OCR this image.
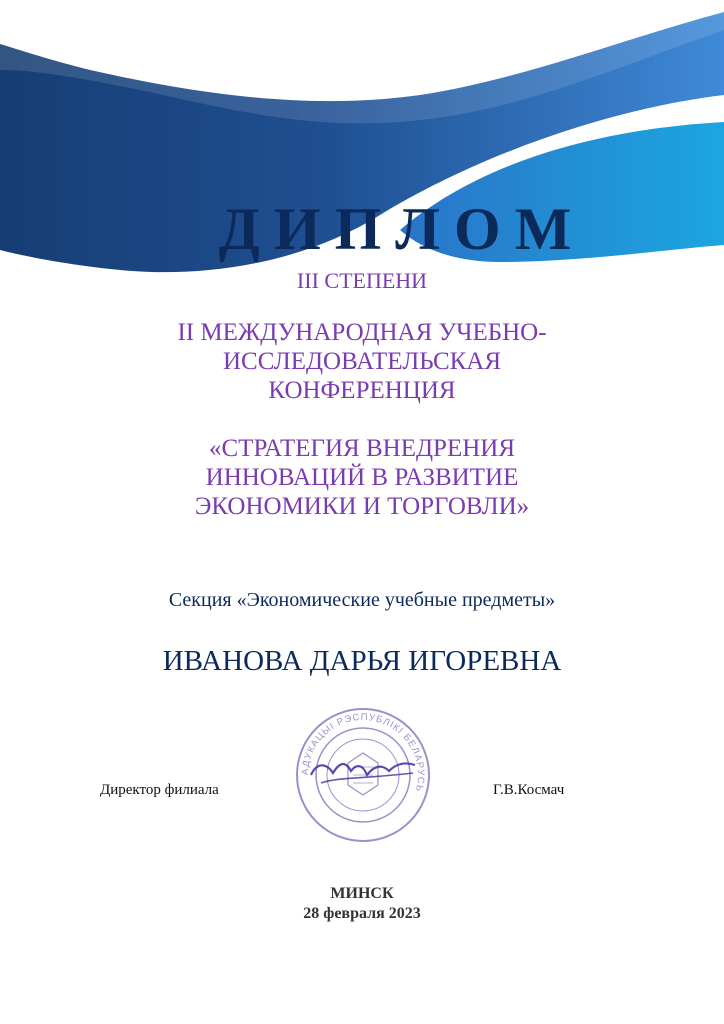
ДИПЛОМ
III СТЕПЕНИ
II МЕЖДУНАРОДНАЯ УЧЕБНО-
ИССЛЕДОВАТЕЛЬСКАЯ
КОНФЕРЕНЦИЯ
«СТРАТЕГИЯ ВНЕДРЕНИЯ
ИННОВАЦИЙ В РАЗВИТИЕ
ЭКОНОМИКИ И ТОРГОВЛИ»
Секция «Экономические учебные предметы»
ИВАНОВА ДАРЬЯ ИГОРЕВНА
АДУКАЦЫІ РЭСПУБЛІКІ БЕЛАРУСЬ
Директор филиала	Г.В.Космач
МИНСК
28 февраля 2023
